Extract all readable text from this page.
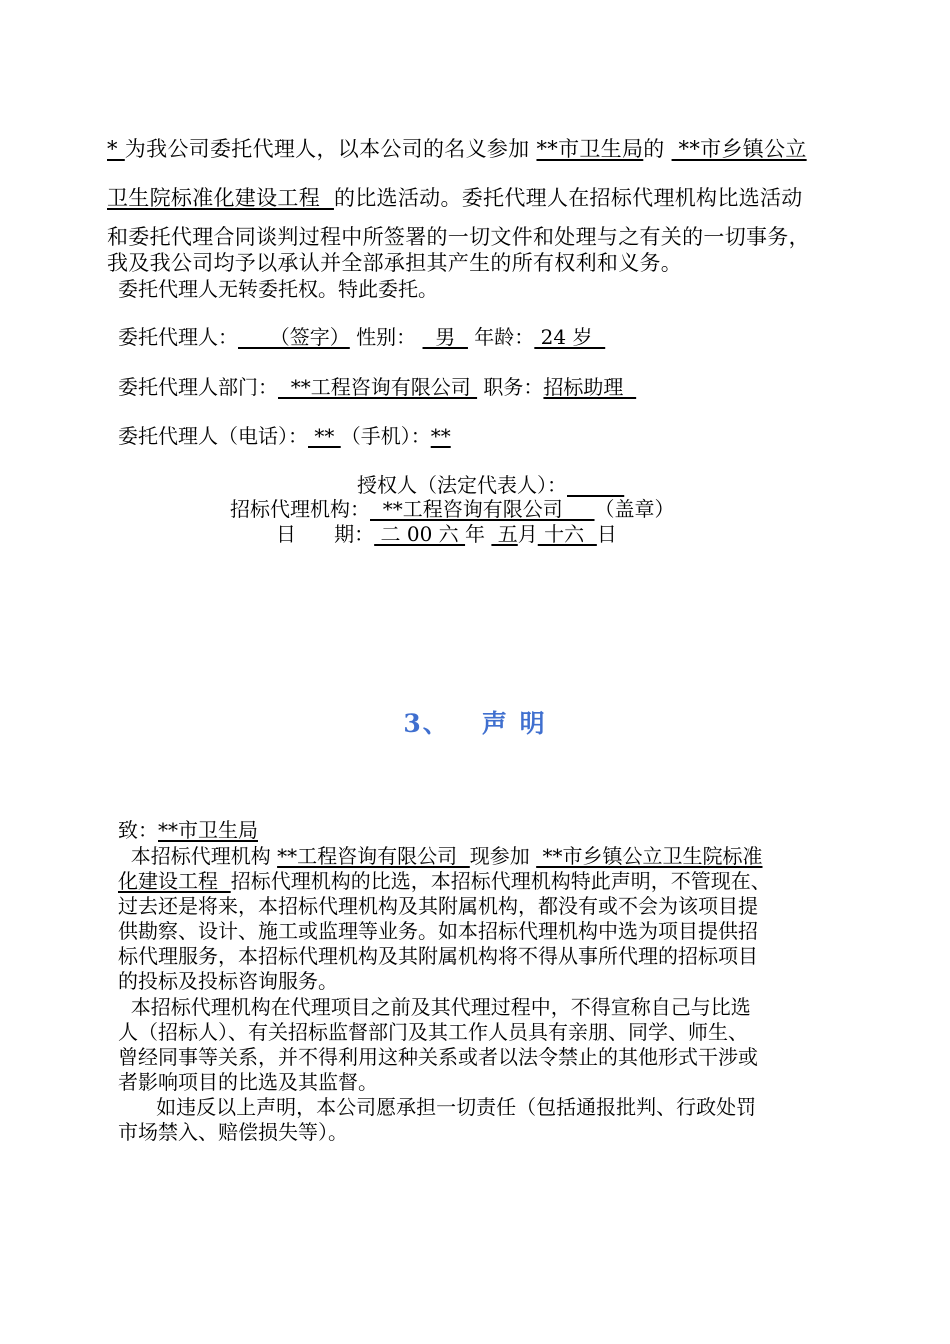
* 为我公司委托代理人，以本公司的名义参加 **市卫生局的  **市乡镇公立
卫生院标准化建设工程  的比选活动。委托代理人在招标代理机构比选活动
和委托代理合同谈判过程中所签署的一切文件和处理与之有关的一切事务，
我及我公司均予以承认并全部承担其产生的所有权利和义务。
委托代理人无转委托权。特此委托。
委托代理人：     （签字） 性别：   男   年龄： 24 岁
委托代理人部门：  **工程咨询有限公司  职务：招标助理
委托代理人（电话）： ** （手机）：**
授权人（法定代表人）：
招标代理机构：  **工程咨询有限公司     （盖章）
日      期： 二 00 六 年  五月 十六  日
3、 声 明
致：**市卫生局
本招标代理机构 **工程咨询有限公司  现参加  **市乡镇公立卫生院标准
化建设工程  招标代理机构的比选，本招标代理机构特此声明，不管现在、
过去还是将来，本招标代理机构及其附属机构，都没有或不会为该项目提
供勘察、设计、施工或监理等业务。如本招标代理机构中选为项目提供招
标代理服务，本招标代理机构及其附属机构将不得从事所代理的招标项目
的投标及投标咨询服务。
本招标代理机构在代理项目之前及其代理过程中，不得宣称自己与比选
人（招标人）、有关招标监督部门及其工作人员具有亲朋、同学、师生、
曾经同事等关系，并不得利用这种关系或者以法令禁止的其他形式干涉或
者影响项目的比选及其监督。
如违反以上声明，本公司愿承担一切责任（包括通报批判、行政处罚
市场禁入、赔偿损失等）。
